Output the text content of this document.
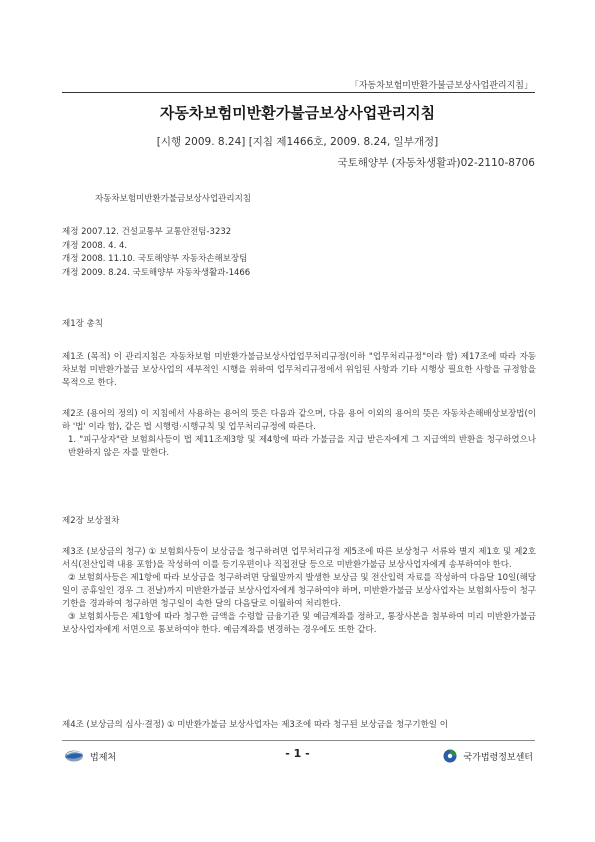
「자동차보험미반환가불금보상사업관리지침」
자동차보험미반환가불금보상사업관리지침
[시행 2009. 8.24] [지침 제1466호, 2009. 8.24, 일부개정]
국토해양부 (자동차생활과)02-2110-8706
자동차보험미반환가불금보상사업관리지침

제정 2007.12. 건설교통부 교통안전팀-3232

개정 2008. 4. 4.

개정 2008. 11.10. 국토해양부 자동차손해보장팀

개정 2009. 8.24. 국토해양부 자동차생활과-1466

제1장 총칙

제1조 (목적) 이 관리지침은 자동차보험 미반환가불금보상사업업무처리규정(이하 "업무처리규정"이라 함) 제17조에 따라 자동차보험 미반환가불금 보상사업의 세부적인 시행을 위하여 업무처리규정에서 위임된 사항과 기타 시행상 필요한 사항을 규정함을 목적으로 한다.

제2조 (용어의 정의) 이 지침에서 사용하는 용어의 뜻은 다음과 같으며, 다음 용어 이외의 용어의 뜻은 자동차손해배상보장법(이하 '법' 이라 함), 같은 법 시행령·시행규칙 및 업무처리규정에 따른다.

1. "피구상자"란 보험회사등이 법 제11조제3항 및 제4항에 따라 가불금을 지급 받은자에게 그 지급액의 반환을 청구하였으나 반환하지 않은 자를 말한다.

제2장 보상절차

제3조 (보상금의 청구) ① 보험회사등이 보상금을 청구하려면 업무처리규정 제5조에 따른 보상청구 서류와 별지 제1호 및 제2호 서식(전산입력 내용 포함)을 작성하여 이를 등기우편이나 직접전달 등으로 미반환가불금 보상사업자에게 송부하여야 한다.

② 보험회사등은 제1항에 따라 보상금을 청구하려면 당월말까지 발생한 보상금 및 전산입력 자료를 작성하여 다음달 10일(해당일이 공휴일인 경우 그 전날)까지 미반환가불금 보상사업자에게 청구하여야 하며, 미반환가불금 보상사업자는 보험회사등이 청구기한을 경과하여 청구하면 청구일이 속한 달의 다음달로 이월하여 처리한다.

③ 보험회사등은 제1항에 따라 청구한 금액을 수령할 금융기관 및 예금계좌를 정하고, 통장사본을 첨부하여 미리 미반환가불금 보상사업자에게 서면으로 통보하여야 한다. 예금계좌를 변경하는 경우에도 또한 같다.

제4조 (보상금의 심사·결정) ① 미반환가불금 보상사업자는 제3조에 따라 청구된 보상금을 청구기한일 이
법제처	- 1 -	국가법령정보센터
